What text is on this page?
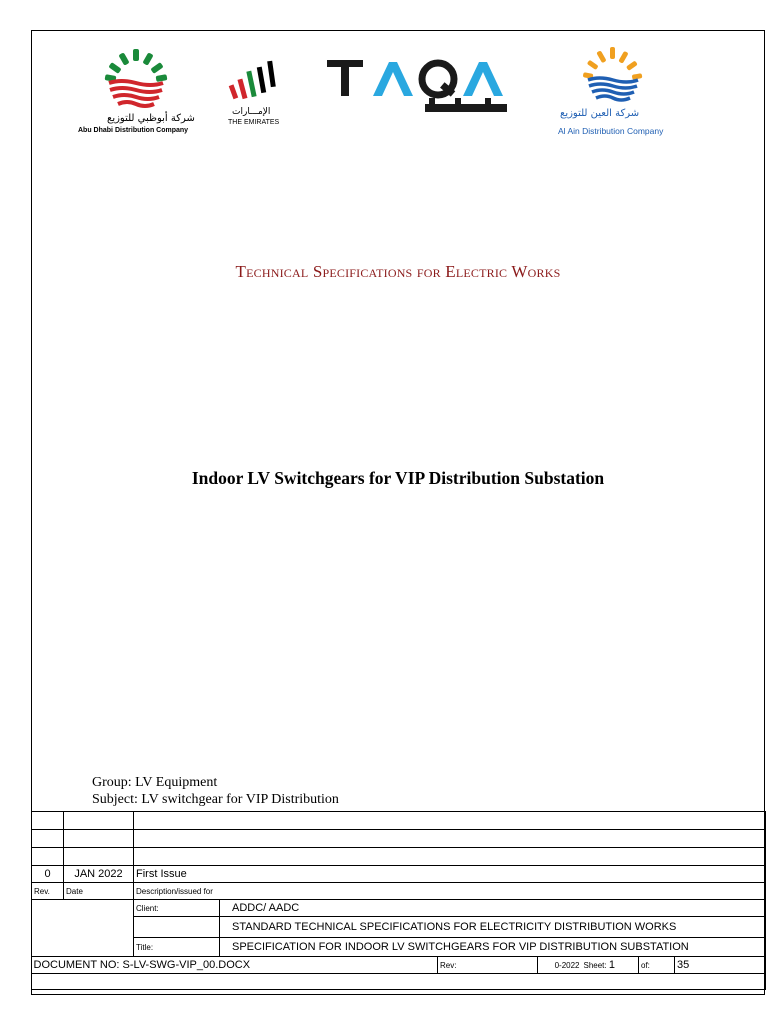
شركة أبوظبي للتوزيع
Abu Dhabi Distribution Company
الإمـــارات
THE EMIRATES
شركة العين للتوزيع
Al Ain Distribution Company
Technical Specifications for Electric Works
Indoor LV Switchgears for VIP Distribution Substation
Group: LV Equipment
Subject: LV switchgear for VIP Distribution

0	JAN 2022	First Issue						
Rev.	Date	Description/issued for						
		Client:	ADDC/ AADC					
			STANDARD TECHNICAL SPECIFICATIONS FOR ELECTRICITY DISTRIBUTION WORKS					
		Title:	SPECIFICATION FOR INDOOR LV SWITCHGEARS FOR VIP DISTRIBUTION SUBSTATION					
DOCUMENT NO: S-LV-SWG-VIP_00.DOCX				Rev:	0-2022	Sheet: 1	of:	35
